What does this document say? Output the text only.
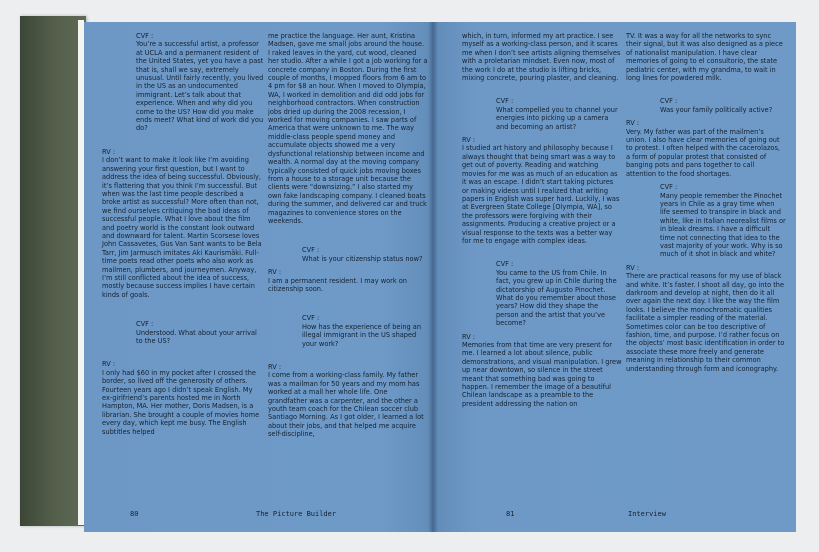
CVF :
You’re a successful artist, a professor at UCLA and a permanent resident of the United States, yet you have a past that is, shall we say, extremely unusual. Until fairly recently, you lived in the US as an undocumented immigrant. Let’s talk about that experience. When and why did you come to the US? How did you make ends meet? What kind of work did you do?
RV :
I don’t want to make it look like I’m avoiding answering your first question, but I want to address the idea of being successful. Obviously, it’s flattering that you think I’m successful. But when was the last time people described a broke artist as successful? More often than not, we find ourselves critiquing the bad ideas of successful people. What I love about the film and poetry world is the constant look outward and downward for talent. Martin Scorsese loves John Cassavetes, Gus Van Sant wants to be Bela Tarr, Jim Jarmusch imitates Aki Kaurismäki. Full-time poets read other poets who also work as mailmen, plumbers, and journeymen. Anyway, I’m still conflicted about the idea of success, mostly because success implies I have certain kinds of goals.
CVF :
Understood. What about your arrival to the US?
RV :
I only had $60 in my pocket after I crossed the border, so lived off the generosity of others. Fourteen years ago I didn’t speak English. My ex-girlfriend’s parents hosted me in North Hampton, MA. Her mother, Doris Madsen, is a librarian. She brought a couple of movies home every day, which kept me busy. The English subtitles helped
me practice the language. Her aunt, Kristina Madsen, gave me small jobs around the house. I raked leaves in the yard, cut wood, cleaned her studio. After a while I got a job working for a concrete company in Boston. During the first couple of months, I mopped floors from 6 am to 4 pm for $8 an hour. When I moved to Olympia, WA, I worked in demolition and did odd jobs for neighborhood contractors. When construction jobs dried up during the 2008 recession, I worked for moving companies. I saw parts of America that were unknown to me. The way middle-class people spend money and accumulate objects showed me a very dysfunctional relationship between income and wealth. A normal day at the moving company typically consisted of quick jobs moving boxes from a house to a storage unit because the clients were “downsizing.” I also started my own fake landscaping company. I cleaned boats during the summer, and delivered car and truck magazines to convenience stores on the weekends.
CVF :
What is your citizenship status now?
RV :
I am a permanent resident. I may work on citizenship soon.
CVF :
How has the experience of being an illegal immigrant in the US shaped your work?
RV :
I come from a working-class family. My father was a mailman for 50 years and my mom has worked at a mall her whole life. One grandfather was a carpenter, and the other a youth team coach for the Chilean soccer club Santiago Morning. As I got older, I learned a lot about their jobs, and that helped me acquire self-discipline,
80	The Picture Builder
which, in turn, informed my art practice. I see myself as a working-class person, and it scares me when I don’t see artists aligning themselves with a proletarian mindset. Even now, most of the work I do at the studio is lifting bricks, mixing concrete, pouring plaster, and cleaning.
CVF :
What compelled you to channel your energies into picking up a camera and becoming an artist?
RV :
I studied art history and philosophy because I always thought that being smart was a way to get out of poverty. Reading and watching movies for me was as much of an education as it was an escape. I didn’t start taking pictures or making videos until I realized that writing papers in English was super hard. Luckily, I was at Evergreen State College [Olympia, WA], so the professors were forgiving with their assignments. Producing a creative project or a visual response to the texts was a better way for me to engage with complex ideas.
CVF :
You came to the US from Chile. In fact, you grew up in Chile during the dictatorship of Augusto Pinochet. What do you remember about those years? How did they shape the person and the artist that you’ve become?
RV :
Memories from that time are very present for me. I learned a lot about silence, public demonstrations, and visual manipulation. I grew up near downtown, so silence in the street meant that something bad was going to happen. I remember the image of a beautiful Chilean landscape as a preamble to the president addressing the nation on
TV. It was a way for all the networks to sync their signal, but it was also designed as a piece of nationalist manipulation. I have clear memories of going to el consultorio, the state pediatric center, with my grandma, to wait in long lines for powdered milk.
CVF :
Was your family politically active?
RV :
Very. My father was part of the mailmen’s union. I also have clear memories of going out to protest. I often helped with the cacerolazos, a form of popular protest that consisted of banging pots and pans together to call attention to the food shortages.
CVF :
Many people remember the Pinochet years in Chile as a gray time when life seemed to transpire in black and white, like in Italian neorealist films or in bleak dreams. I have a difficult time not connecting that idea to the vast majority of your work. Why is so much of it shot in black and white?
RV :
There are practical reasons for my use of black and white. It’s faster. I shoot all day, go into the darkroom and develop at night, then do it all over again the next day. I like the way the film looks. I believe the monochromatic qualities facilitate a simpler reading of the material. Sometimes color can be too descriptive of fashion, time, and purpose. I’d rather focus on the objects’ most basic identification in order to associate these more freely and generate meaning in relationship to their common understanding through form and iconography.
81	Interview
